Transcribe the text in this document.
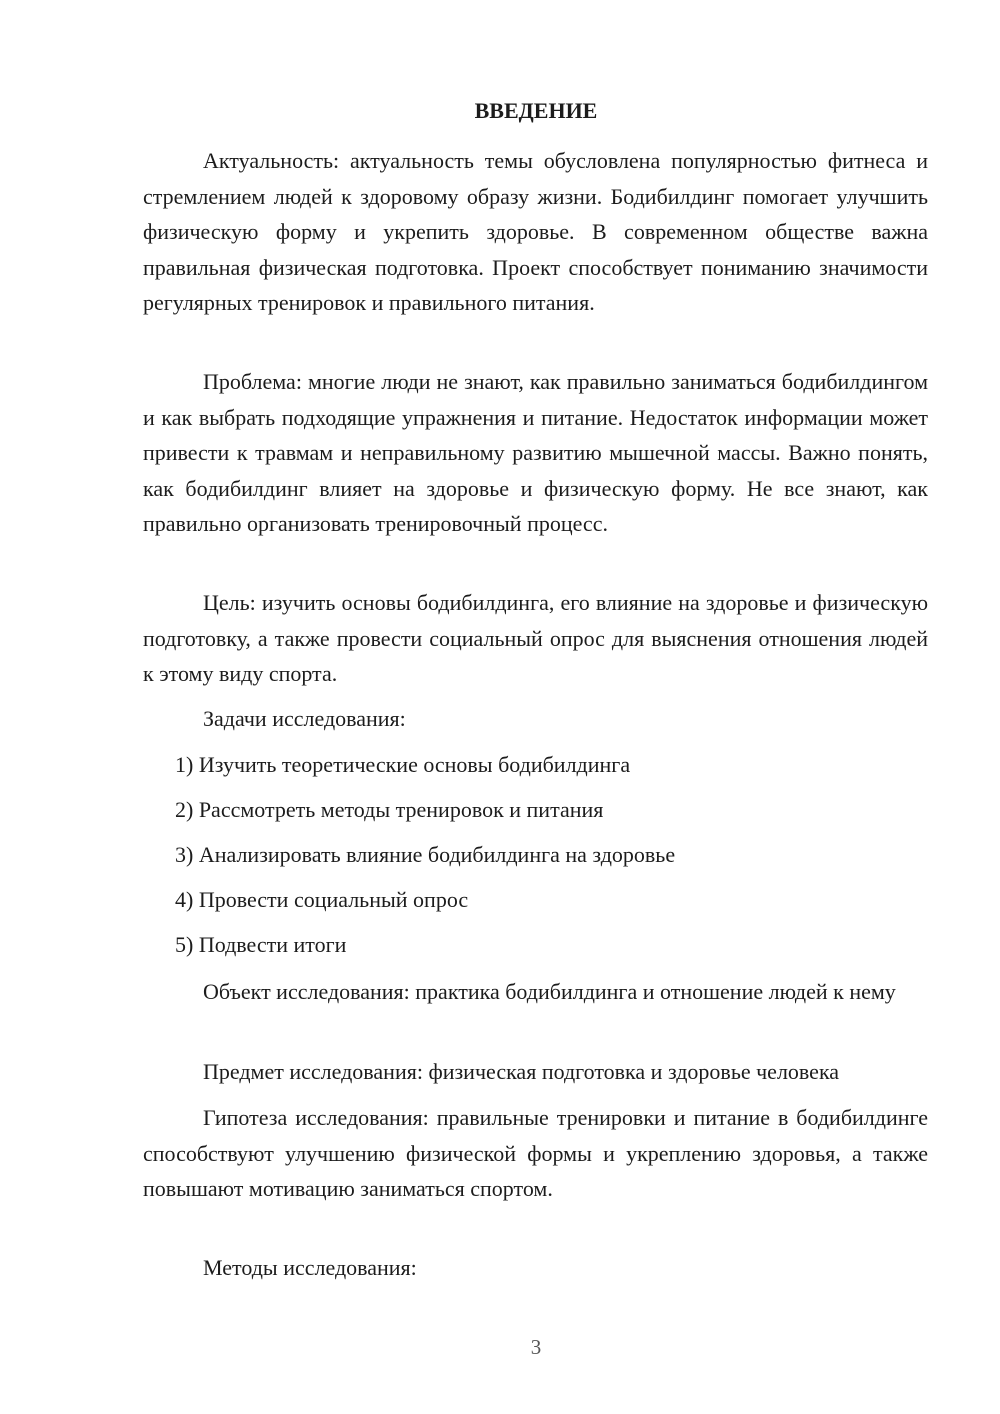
ВВЕДЕНИЕ

Актуальность: актуальность темы обусловлена популярностью фитнеса и стремлением людей к здоровому образу жизни. Бодибилдинг помогает улучшить физическую форму и укрепить здоровье. В современном обществе важна правильная физическая подготовка. Проект способствует пониманию значимости регулярных тренировок и правильного питания.

Проблема: многие люди не знают, как правильно заниматься бодибилдингом и как выбрать подходящие упражнения и питание. Недостаток информации может привести к травмам и неправильному развитию мышечной массы. Важно понять, как бодибилдинг влияет на здоровье и физическую форму. Не все знают, как правильно организовать тренировочный процесс.

Цель: изучить основы бодибилдинга, его влияние на здоровье и физическую подготовку, а также провести социальный опрос для выяснения отношения людей к этому виду спорта.

Задачи исследования:

1) Изучить теоретические основы бодибилдинга

2) Рассмотреть методы тренировок и питания

3) Анализировать влияние бодибилдинга на здоровье

4) Провести социальный опрос

5) Подвести итоги

Объект исследования: практика бодибилдинга и отношение людей к нему

Предмет исследования: физическая подготовка и здоровье человека

Гипотеза исследования: правильные тренировки и питание в бодибилдинге способствуют улучшению физической формы и укреплению здоровья, а также повышают мотивацию заниматься спортом.

Методы исследования:

3
